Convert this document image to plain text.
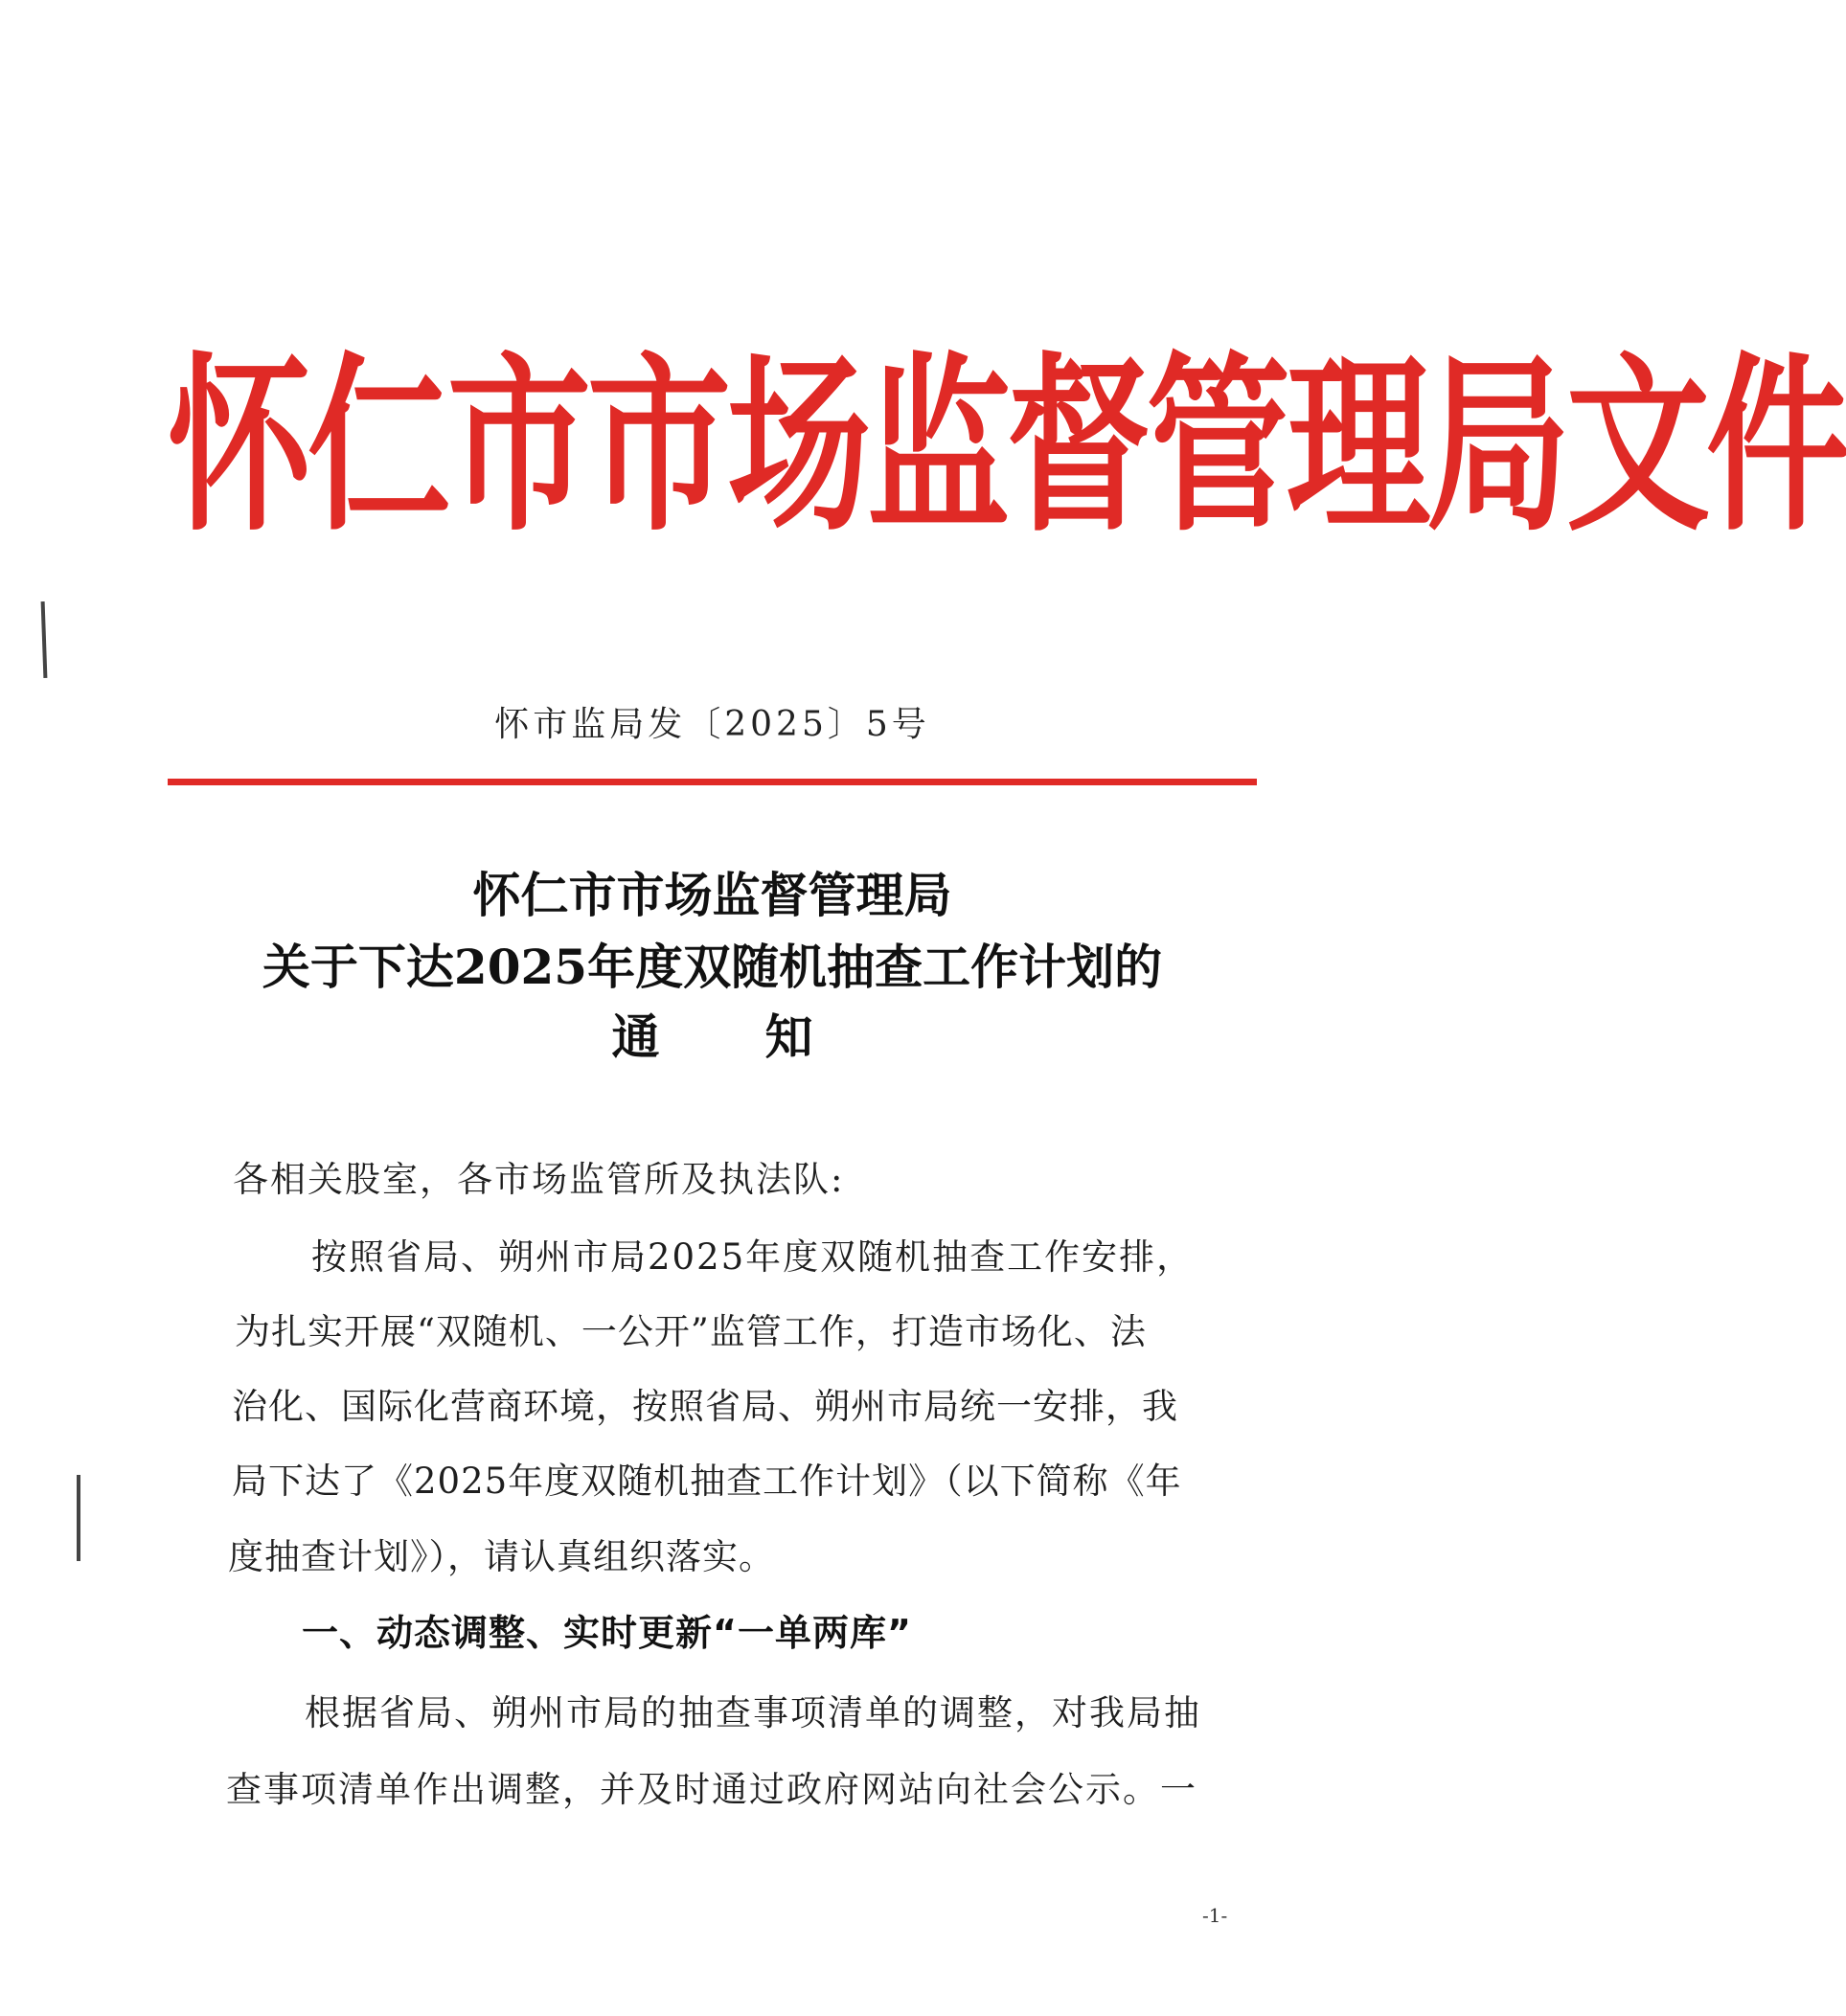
怀仁市市场监督管理局文件
怀市监局发〔2025〕5号
怀仁市市场监督管理局
关于下达2025年度双随机抽查工作计划的
通知
各相关股室，各市场监管所及执法队:
按照省局、朔州市局2025年度双随机抽查工作安排，
为扎实开展“双随机、一公开”监管工作，打造市场化、法
治化、国际化营商环境，按照省局、朔州市局统一安排，我
局下达了《2025年度双随机抽查工作计划》（以下简称《年
度抽查计划》），请认真组织落实。
一、动态调整、实时更新“一单两库”
根据省局、朔州市局的抽查事项清单的调整，对我局抽
查事项清单作出调整，并及时通过政府网站向社会公示。一
-1-
